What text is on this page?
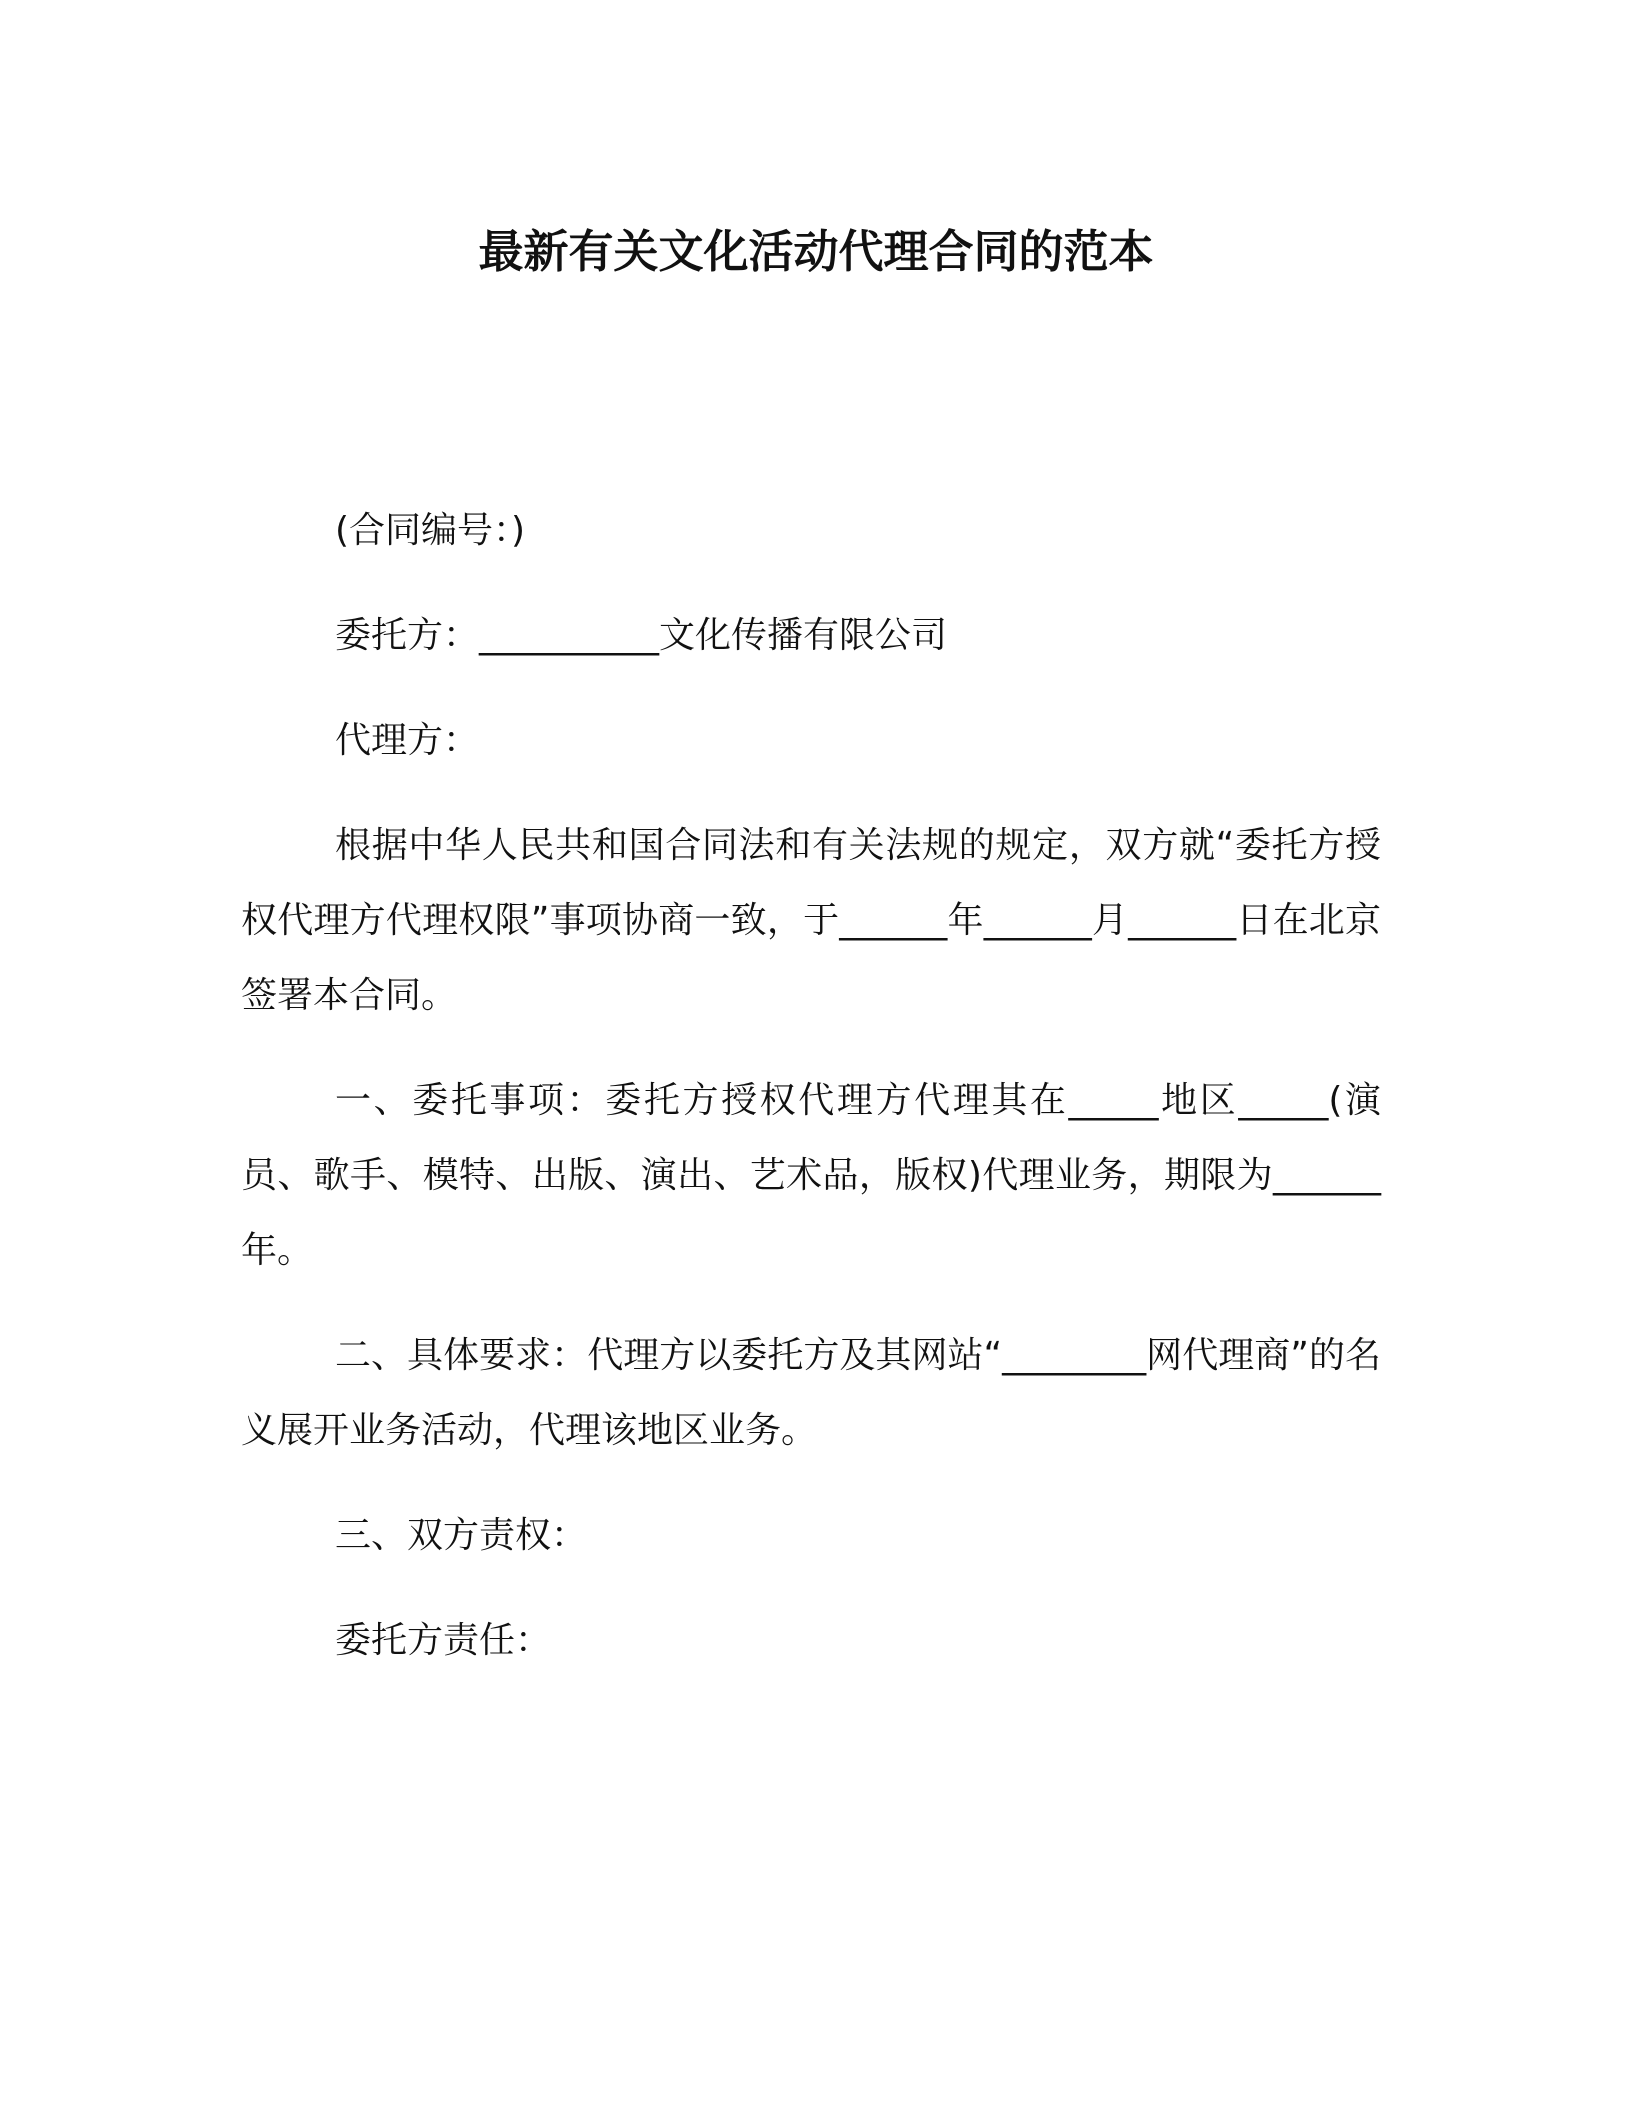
最新有关文化活动代理合同的范本

(合同编号：)

委托方：__________文化传播有限公司

代理方：

根据中华人民共和国合同法和有关法规的规定，双方就“委托方授权代理方代理权限”事项协商一致，于______年______月______日在北京签署本合同。

一、委托事项：委托方授权代理方代理其在_____地区_____(演员、歌手、模特、出版、演出、艺术品，版权)代理业务，期限为______年。

二、具体要求：代理方以委托方及其网站“________网代理商”的名义展开业务活动，代理该地区业务。

三、双方责权：

委托方责任：
